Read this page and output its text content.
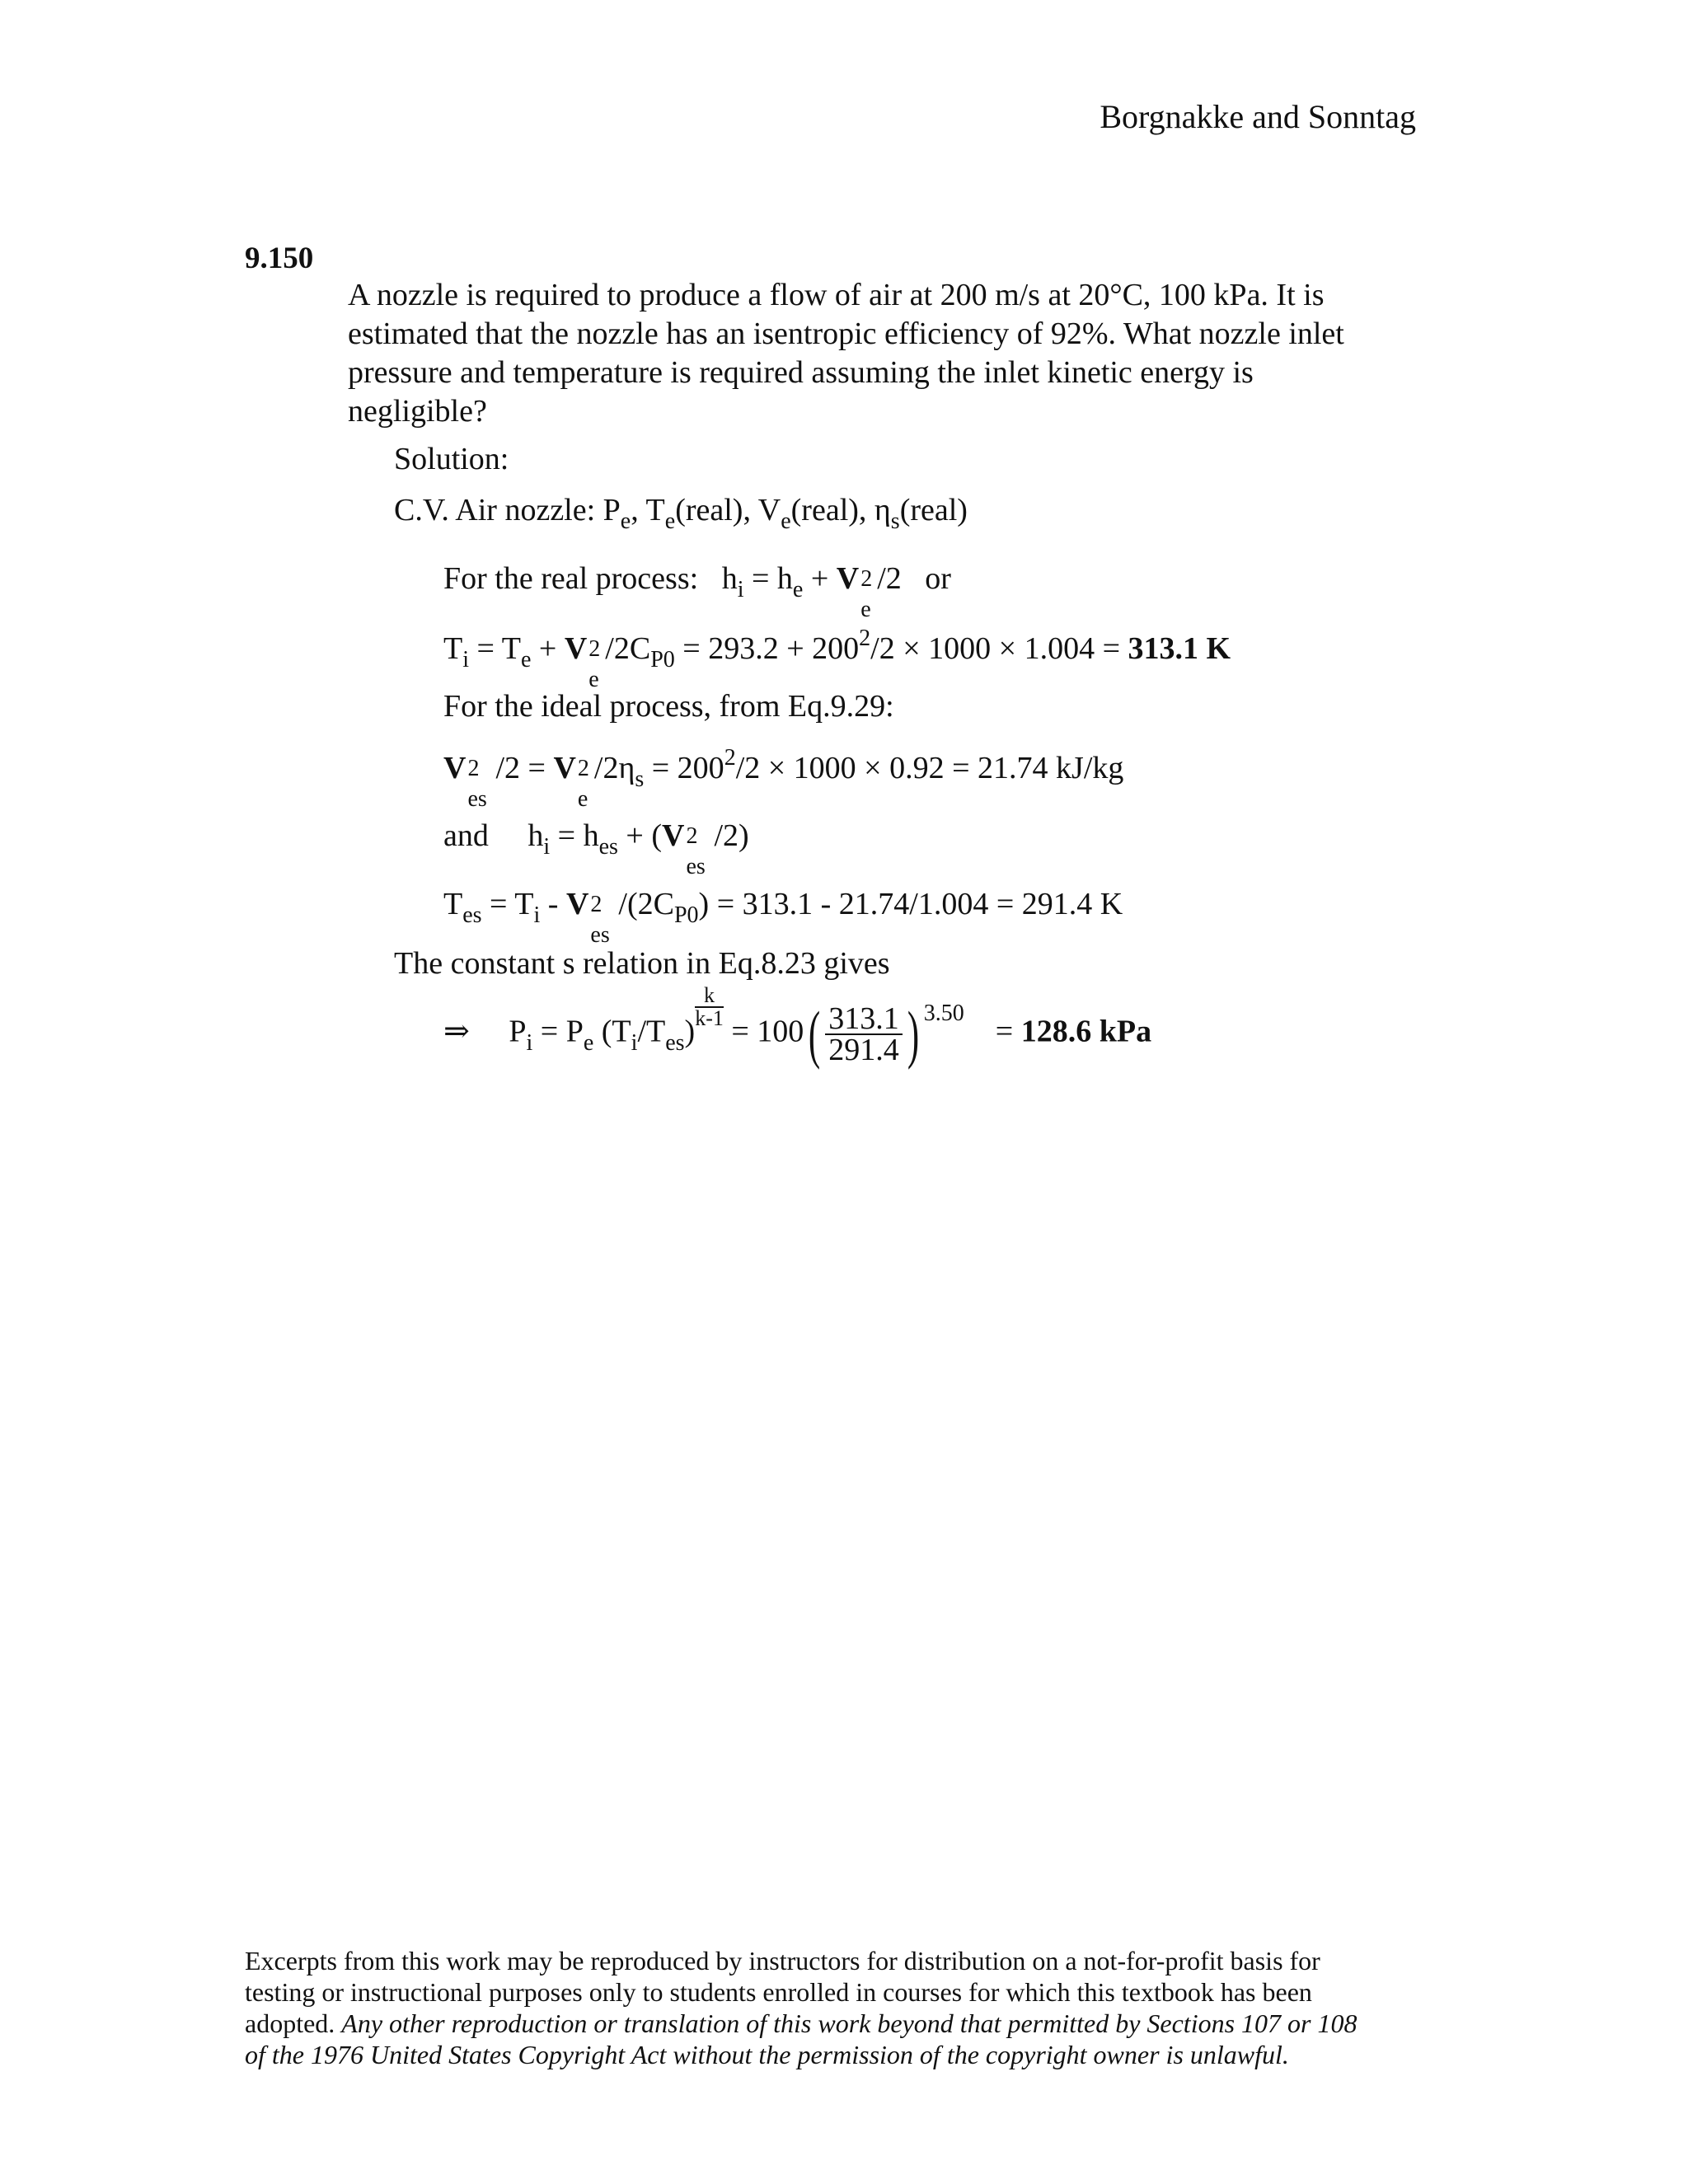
Borgnakke and Sonntag
9.150
A nozzle is required to produce a flow of air at 200 m/s at 20°C, 100 kPa. It is
estimated that the nozzle has an isentropic efficiency of 92%. What nozzle inlet
pressure and temperature is required assuming the inlet kinetic energy is
negligible?
Solution:
C.V. Air nozzle: $P_e$, $T_e(real)$, $V_e(real)$, $\eta_s(real)$
For the real process: $h_i = h_e + V$ 2
e
/2 or
$T_i = T_e + V$ 2
e
$/2C_{P0} = 293.2 + 200^2/2 \times 1000 \times 1.004 = 313.1$ K
For the ideal process, from Eq.9.29:
V 2
es
/2 = V 2
e
$/2\eta_s = 200^2/2 \times 1000 \times 0.92 = 21.74$ kJ/kg
and $h_i = h_{es} + (V$ 2
es
/2)
$T_{es} = T_i - V$ 2
es
$/(2C_{P0}) = 313.1 - 21.74/1.004 = 291.4$ K
The constant s relation in Eq.8.23 gives
⇒ $P_i = P_e$ $(T_i/T_{es})$
$\frac{k}{k-1}$
= $100( \frac{313.1}{291.4}$ ) $^{3.50}$    = 128.6 kPa
Excerpts from this work may be reproduced by instructors for distribution on a not-for-profit basis for
testing or instructional purposes only to students enrolled in courses for which this textbook has been
adopted. Any other reproduction or translation of this work beyond that permitted by Sections 107 or 108
of the 1976 United States Copyright Act without the permission of the copyright owner is unlawful.
